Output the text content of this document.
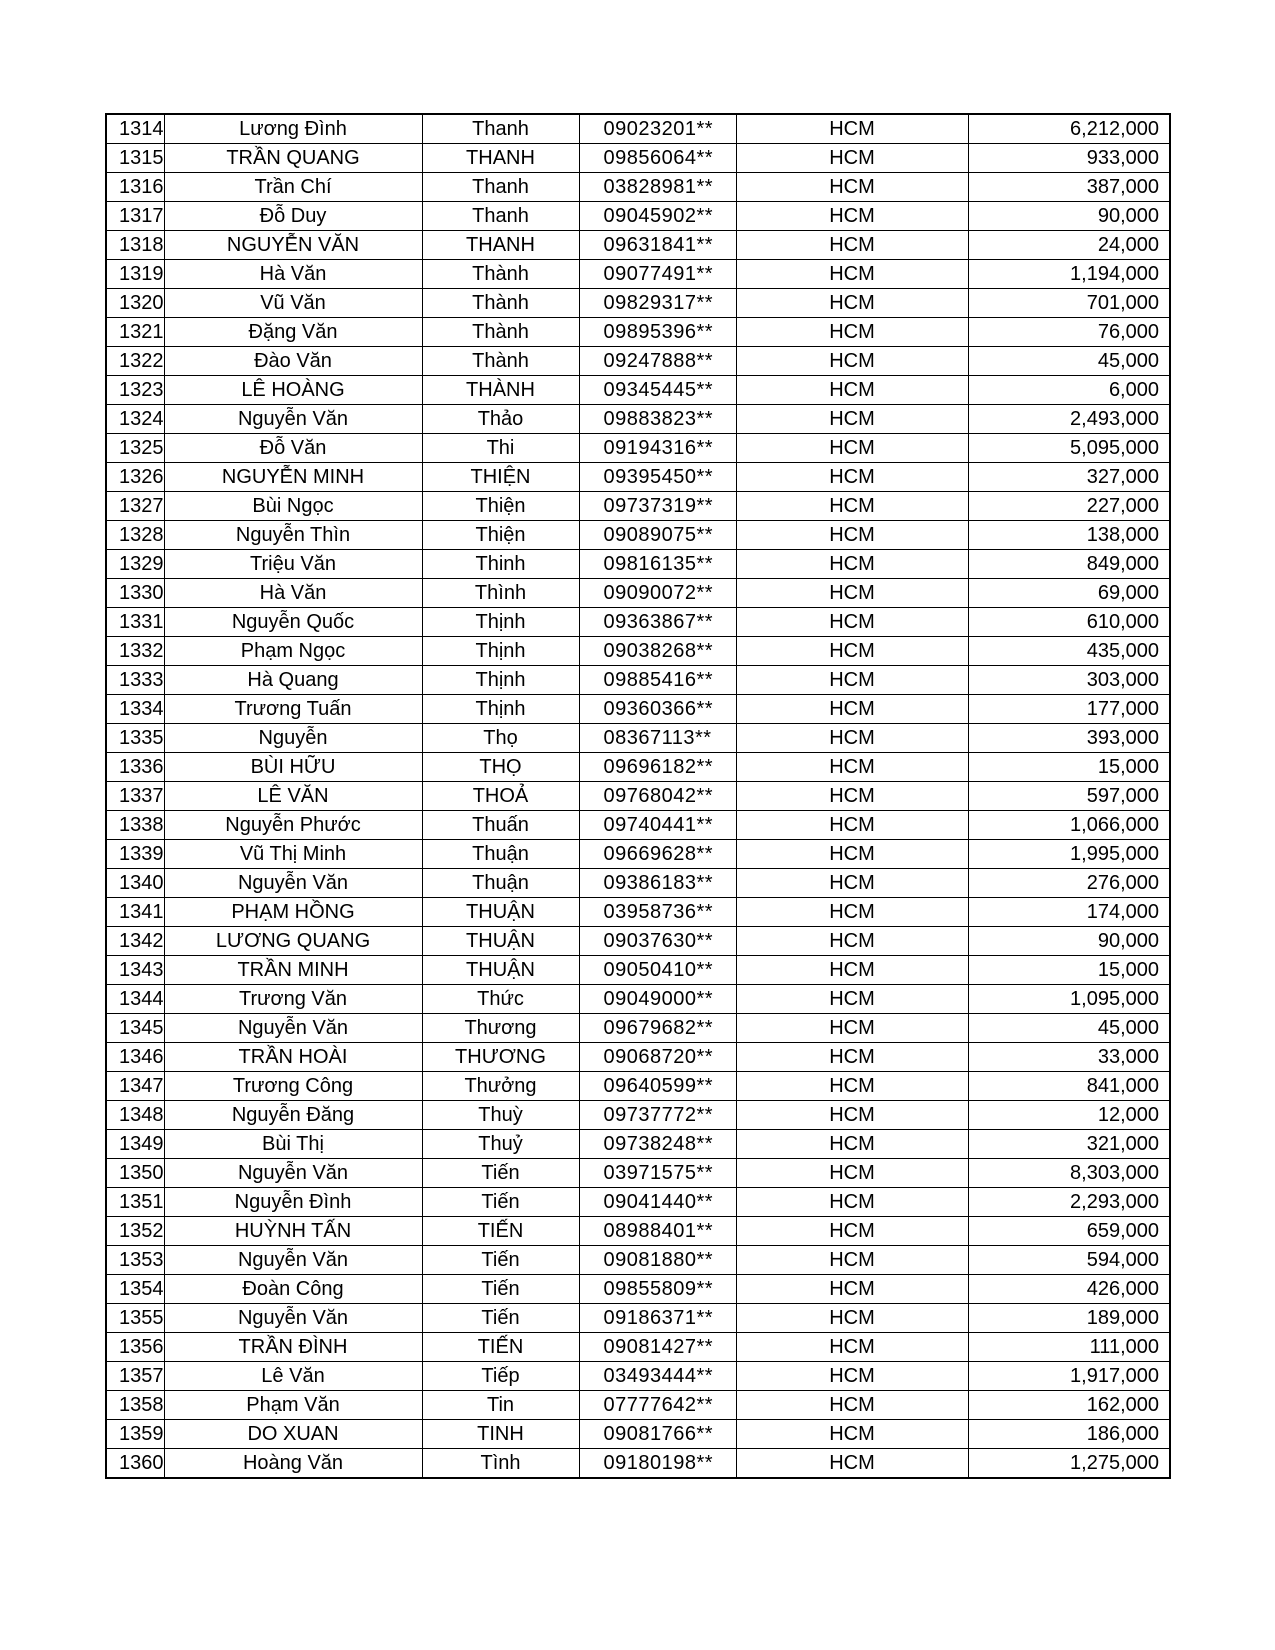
1314	Lương Đình	Thanh	09023201**	HCM	6,212,000
1315	TRẦN QUANG	THANH	09856064**	HCM	933,000
1316	Trần Chí	Thanh	03828981**	HCM	387,000
1317	Đỗ Duy	Thanh	09045902**	HCM	90,000
1318	NGUYỄN VĂN	THANH	09631841**	HCM	24,000
1319	Hà Văn	Thành	09077491**	HCM	1,194,000
1320	Vũ Văn	Thành	09829317**	HCM	701,000
1321	Đặng Văn	Thành	09895396**	HCM	76,000
1322	Đào Văn	Thành	09247888**	HCM	45,000
1323	LÊ HOÀNG	THÀNH	09345445**	HCM	6,000
1324	Nguyễn Văn	Thảo	09883823**	HCM	2,493,000
1325	Đỗ Văn	Thi	09194316**	HCM	5,095,000
1326	NGUYỄN MINH	THIỆN	09395450**	HCM	327,000
1327	Bùi Ngọc	Thiện	09737319**	HCM	227,000
1328	Nguyễn Thìn	Thiện	09089075**	HCM	138,000
1329	Triệu Văn	Thinh	09816135**	HCM	849,000
1330	Hà Văn	Thình	09090072**	HCM	69,000
1331	Nguyễn Quốc	Thịnh	09363867**	HCM	610,000
1332	Phạm Ngọc	Thịnh	09038268**	HCM	435,000
1333	Hà Quang	Thịnh	09885416**	HCM	303,000
1334	Trương Tuấn	Thịnh	09360366**	HCM	177,000
1335	Nguyễn	Thọ	08367113**	HCM	393,000
1336	BÙI HỮU	THỌ	09696182**	HCM	15,000
1337	LÊ VĂN	THOẢ	09768042**	HCM	597,000
1338	Nguyễn Phước	Thuấn	09740441**	HCM	1,066,000
1339	Vũ Thị Minh	Thuận	09669628**	HCM	1,995,000
1340	Nguyễn Văn	Thuận	09386183**	HCM	276,000
1341	PHẠM HỒNG	THUẬN	03958736**	HCM	174,000
1342	LƯƠNG QUANG	THUẬN	09037630**	HCM	90,000
1343	TRẦN MINH	THUẬN	09050410**	HCM	15,000
1344	Trương Văn	Thức	09049000**	HCM	1,095,000
1345	Nguyễn Văn	Thương	09679682**	HCM	45,000
1346	TRẦN HOÀI	THƯƠNG	09068720**	HCM	33,000
1347	Trương Công	Thưởng	09640599**	HCM	841,000
1348	Nguyễn Đăng	Thuỳ	09737772**	HCM	12,000
1349	Bùi Thị	Thuỷ	09738248**	HCM	321,000
1350	Nguyễn Văn	Tiến	03971575**	HCM	8,303,000
1351	Nguyễn Đình	Tiến	09041440**	HCM	2,293,000
1352	HUỲNH TẤN	TIẾN	08988401**	HCM	659,000
1353	Nguyễn Văn	Tiến	09081880**	HCM	594,000
1354	Đoàn Công	Tiến	09855809**	HCM	426,000
1355	Nguyễn Văn	Tiến	09186371**	HCM	189,000
1356	TRẦN ĐÌNH	TIẾN	09081427**	HCM	111,000
1357	Lê Văn	Tiếp	03493444**	HCM	1,917,000
1358	Phạm Văn	Tin	07777642**	HCM	162,000
1359	DO XUAN	TINH	09081766**	HCM	186,000
1360	Hoàng Văn	Tình	09180198**	HCM	1,275,000
